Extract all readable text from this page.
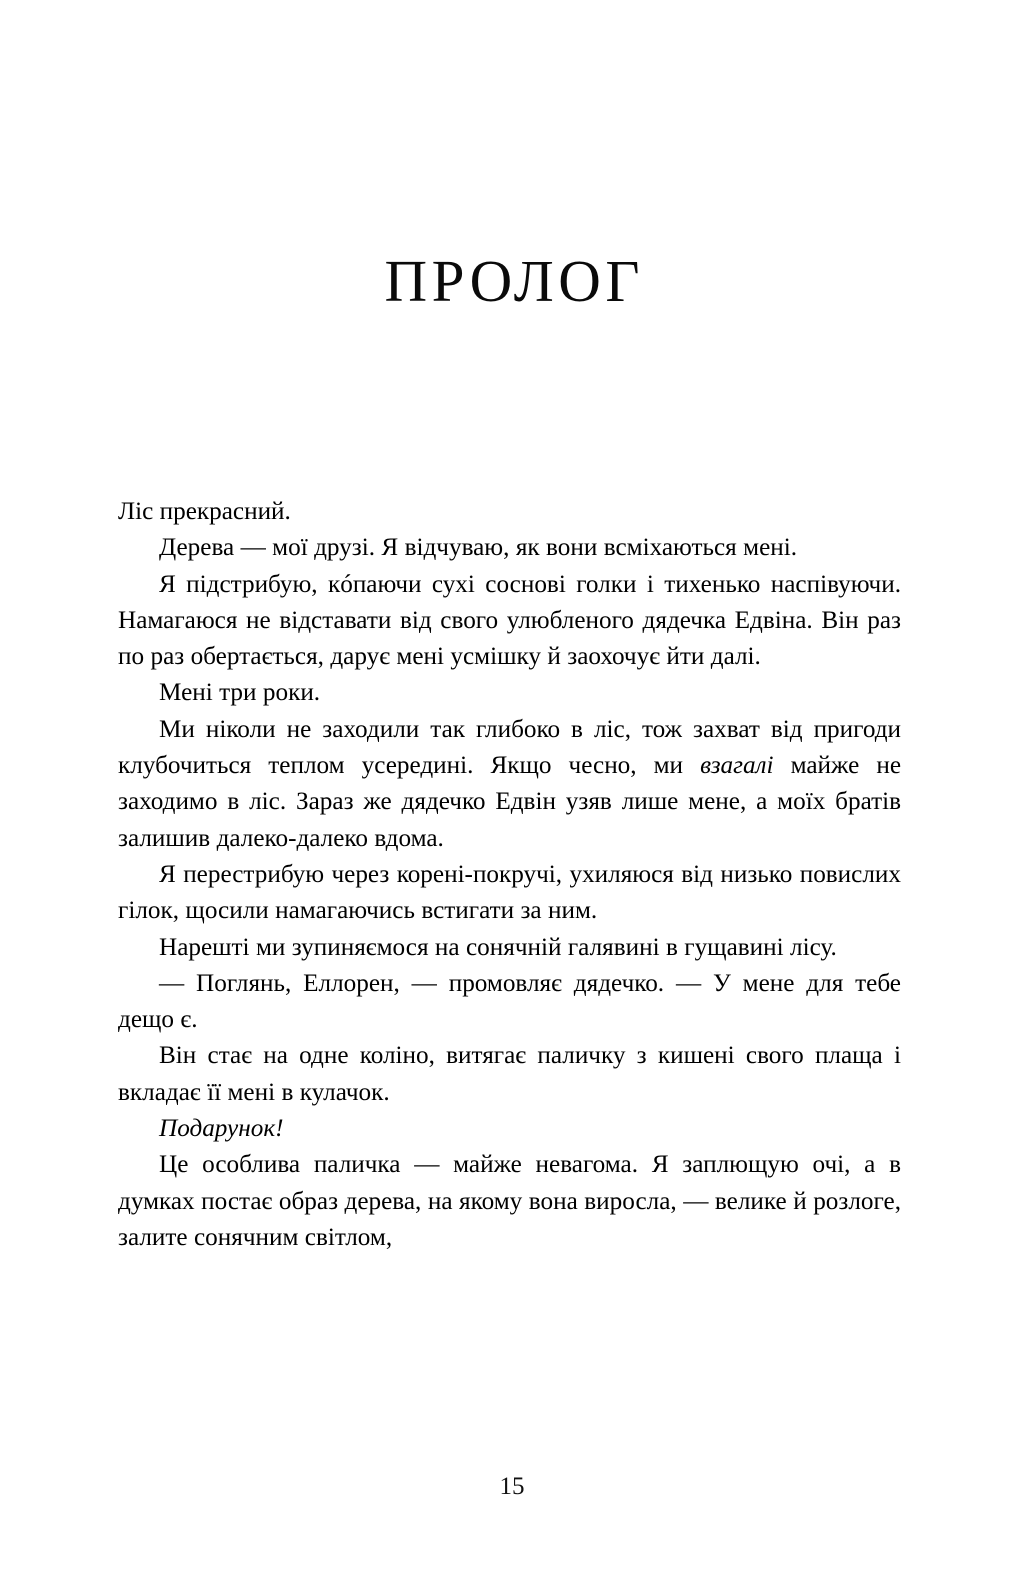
ПРОЛОГ

Ліс прекрасний.

Дерева — мої друзі. Я відчуваю, як вони всміхаються мені.

Я підстрибую, кóпаючи сухі соснові голки і тихенько наспівуючи. Намагаюся не відставати від свого улюбленого дядечка Едвіна. Він раз по раз обертається, дарує мені усмішку й заохочує йти далі.

Мені три роки.

Ми ніколи не заходили так глибоко в ліс, тож захват від пригоди клубочиться теплом усередині. Якщо чесно, ми взагалі майже не заходимо в ліс. Зараз же дядечко Едвін узяв лише мене, а моїх братів залишив далеко-далеко вдома.

Я перестрибую через корені-покручі, ухиляюся від низько повислих гілок, щосили намагаючись встигати за ним.

Нарешті ми зупиняємося на сонячній галявині в гущавині лісу.

— Поглянь, Еллорен, — промовляє дядечко. — У мене для тебе дещо є.

Він стає на одне коліно, витягає паличку з кишені свого плаща і вкладає її мені в кулачок.

Подарунок!

Це особлива паличка — майже невагома. Я заплющую очі, а в думках постає образ дерева, на якому вона виросла, — велике й розлоге, залите сонячним світлом,

15
